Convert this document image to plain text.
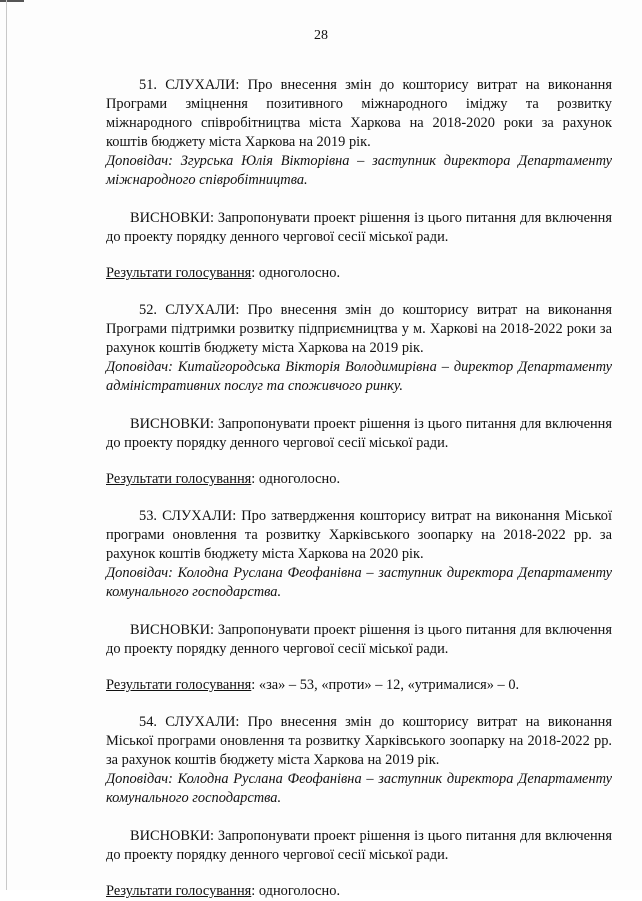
28

51. СЛУХАЛИ: Про внесення змін до кошторису витрат на виконання Програми зміцнення позитивного міжнародного іміджу та розвитку міжнародного співробітництва міста Харкова на 2018-2020 роки за рахунок коштів бюджету міста Харкова на 2019 рік.

Доповідач: Згурська Юлія Вікторівна – заступник директора Департаменту міжнародного співробітництва.

ВИСНОВКИ: Запропонувати проект рішення із цього питання для включення до проекту порядку денного чергової сесії міської ради.

Результати голосування: одноголосно.

52. СЛУХАЛИ: Про внесення змін до кошторису витрат на виконання Програми підтримки розвитку підприємництва у м. Харкові на 2018-2022 роки за рахунок коштів бюджету міста Харкова на 2019 рік.

Доповідач: Китайгородська Вікторія Володимирівна – директор Департаменту адміністративних послуг та споживчого ринку.

ВИСНОВКИ: Запропонувати проект рішення із цього питання для включення до проекту порядку денного чергової сесії міської ради.

Результати голосування: одноголосно.

53. СЛУХАЛИ: Про затвердження кошторису витрат на виконання Міської програми оновлення та розвитку Харківського зоопарку на 2018-2022 рр. за рахунок коштів бюджету міста Харкова на 2020 рік.

Доповідач: Колодна Руслана Феофанівна – заступник директора Департаменту комунального господарства.

ВИСНОВКИ: Запропонувати проект рішення із цього питання для включення до проекту порядку денного чергової сесії міської ради.

Результати голосування: «за» – 53, «проти» – 12, «утрималися» – 0.

54. СЛУХАЛИ: Про внесення змін до кошторису витрат на виконання Міської програми оновлення та розвитку Харківського зоопарку на 2018-2022 рр. за рахунок коштів бюджету міста Харкова на 2019 рік.

Доповідач: Колодна Руслана Феофанівна – заступник директора Департаменту комунального господарства.

ВИСНОВКИ: Запропонувати проект рішення із цього питання для включення до проекту порядку денного чергової сесії міської ради.

Результати голосування: одноголосно.
